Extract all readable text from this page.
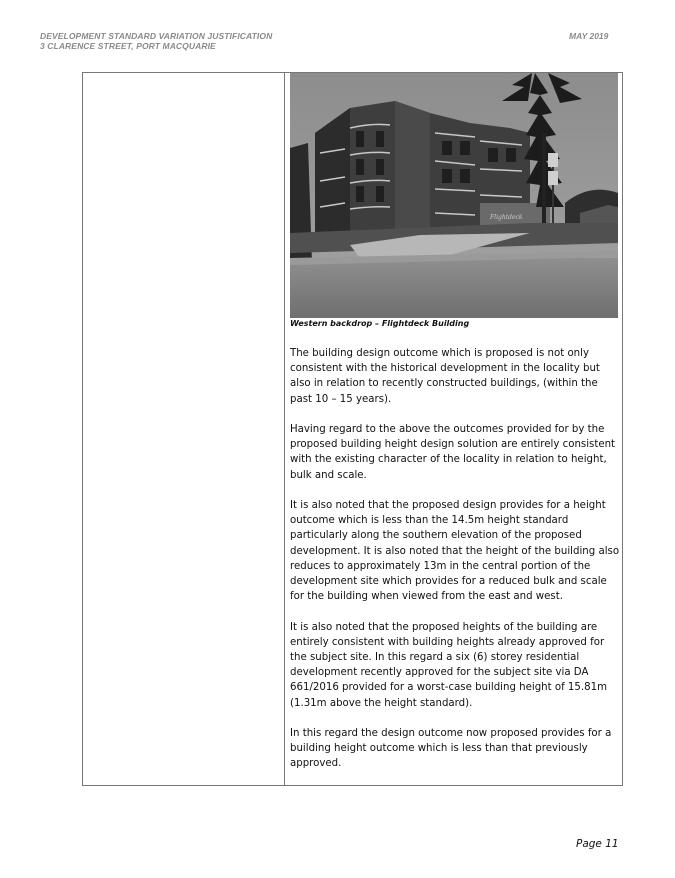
DEVELOPMENT STANDARD VARIATION JUSTIFICATION
3 CLARENCE STREET, PORT MACQUARIE
MAY 2019
Flightdeck
Western backdrop – Flightdeck Building

The building design outcome which is proposed is not only consistent with the historical development in the locality but also in relation to recently constructed buildings, (within the past 10 – 15 years).

Having regard to the above the outcomes provided for by the proposed building height design solution are entirely consistent with the existing character of the locality in relation to height, bulk and scale.

It is also noted that the proposed design provides for a height outcome which is less than the 14.5m height standard particularly along the southern elevation of the proposed development. It is also noted that the height of the building also reduces to approximately 13m in the central portion of the development site which provides for a reduced bulk and scale for the building when viewed from the east and west.

It is also noted that the proposed heights of the building are entirely consistent with building heights already approved for the subject site. In this regard a six (6) storey residential development recently approved for the subject site via DA 661/2016 provided for a worst-case building height of 15.81m (1.31m above the height standard).

In this regard the design outcome now proposed provides for a building height outcome which is less than that previously approved.

Page 11
